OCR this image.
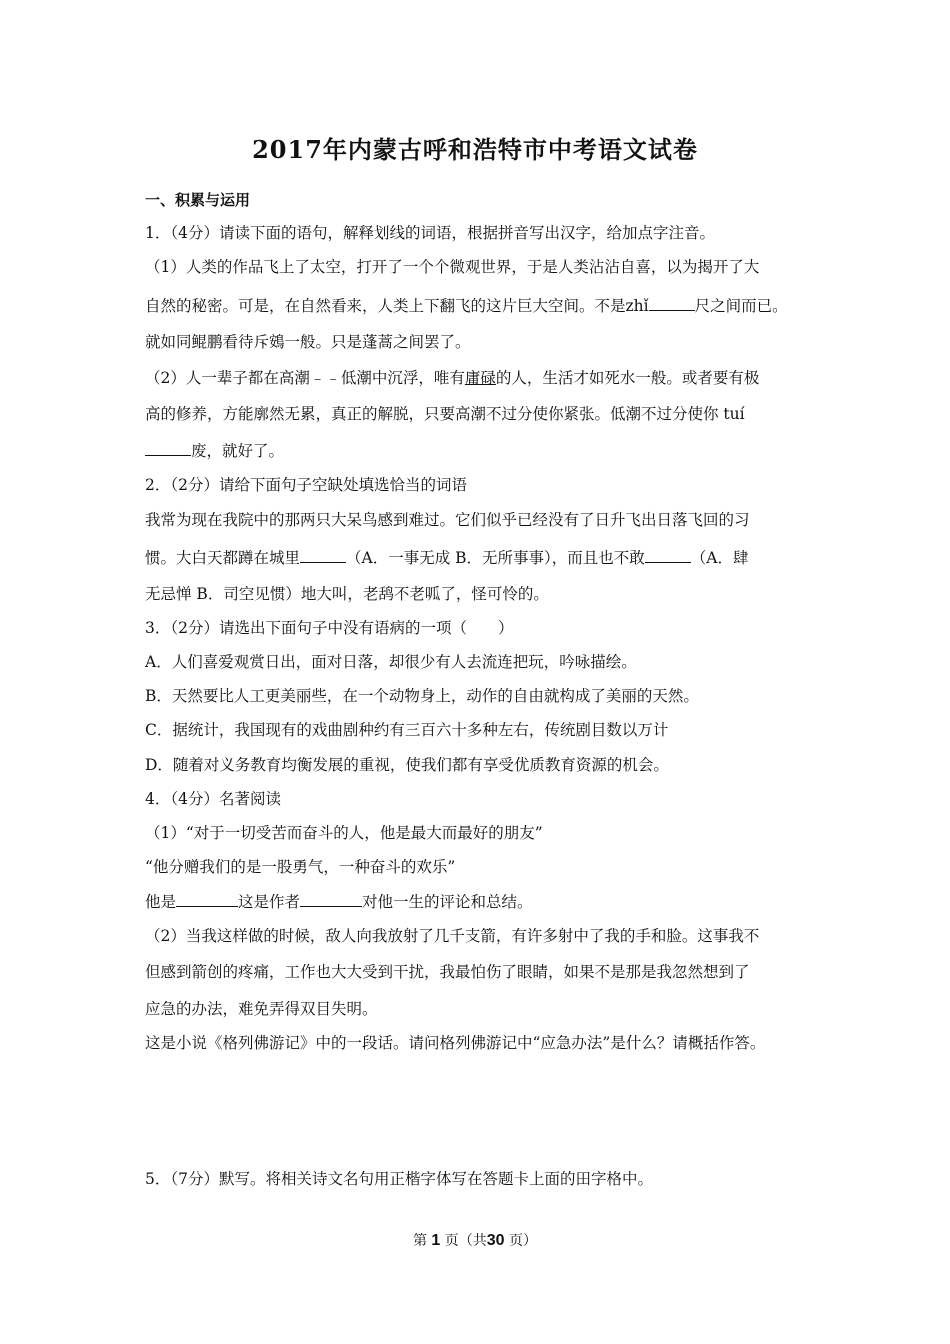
2017年内蒙古呼和浩特市中考语文试卷
一、积累与运用
1．（4分）请读下面的语句，解释划线的词语，根据拼音写出汉字，给加点字注音。
（1）人类的作品飞上了太空，打开了一个个微观世界，于是人类沾沾自喜，以为揭开了大
自然的秘密。可是，在自然看来，人类上下翻飞的这片巨大空间。不是zhǐ	尺之间而已。
就如同鲲鹏看待斥鴳一般。只是蓬蒿之间罢了。
（2）人一辈子都在高潮﹣﹣低潮中沉浮，唯有庸碌的人，生活才如死水一般。或者要有极
高的修养，方能廓然无累，真正的解脱，只要高潮不过分使你紧张。低潮不过分使你 tuí
废，就好了。
2．（2分）请给下面句子空缺处填选恰当的词语
我常为现在我院中的那两只大呆鸟感到难过。它们似乎已经没有了日升飞出日落飞回的习
惯。大白天都蹲在城里	（A．一事无成 B．无所事事），而且也不敢	（A．肆
无忌惮 B．司空见惯）地大叫，老鸹不老呱了，怪可怜的。
3．（2分）请选出下面句子中没有语病的一项（　　）
A．人们喜爱观赏日出，面对日落，却很少有人去流连把玩，吟咏描绘。
B．天然要比人工更美丽些，在一个动物身上，动作的自由就构成了美丽的天然。
C．据统计，我国现有的戏曲剧种约有三百六十多种左右，传统剧目数以万计
D．随着对义务教育均衡发展的重视，使我们都有享受优质教育资源的机会。
4．（4分）名著阅读
（1）“对于一切受苦而奋斗的人，他是最大而最好的朋友”
“他分赠我们的是一股勇气，一种奋斗的欢乐”
他是	这是作者	对他一生的评论和总结。
（2）当我这样做的时候，敌人向我放射了几千支箭，有许多射中了我的手和脸。这事我不
但感到箭创的疼痛，工作也大大受到干扰，我最怕伤了眼睛，如果不是那是我忽然想到了
应急的办法，难免弄得双目失明。
这是小说《格列佛游记》中的一段话。请问格列佛游记中“应急办法”是什么？请概括作答。
5．（7分）默写。将相关诗文名句用正楷字体写在答题卡上面的田字格中。
第 1 页（共30 页）
